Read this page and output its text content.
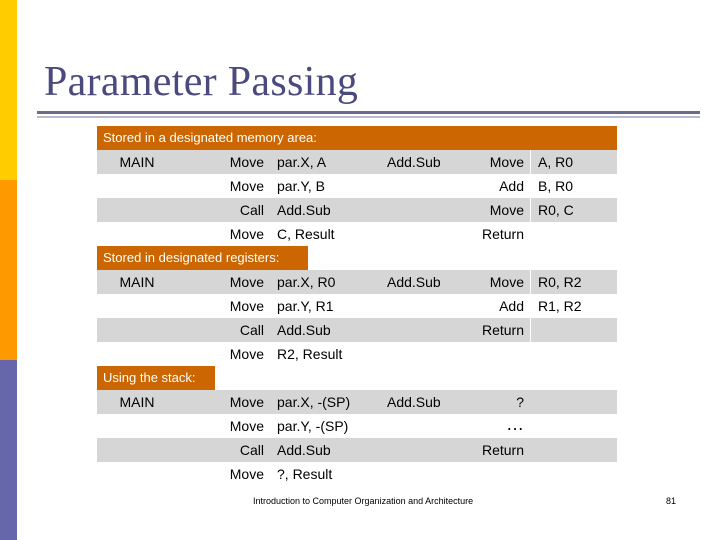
Parameter Passing
Stored in a designated memory area:
MAIN	Move par.X, A	Add.Sub	Move A, R0
Move par.Y, B	Add B, R0
Call Add.Sub	Move R0, C
Move C, Result	Return
Stored in designated registers:
MAIN	Move par.X, R0	Add.Sub	Move R0, R2
Move par.Y, R1	Add R1, R2
Call Add.Sub	Return
Move R2, Result
Using the stack:
MAIN	Move par.X, -(SP)	Add.Sub	?
Move par.Y, -(SP)	…
Call Add.Sub	Return
Move ?, Result
Introduction to Computer Organization and Architecture	81
